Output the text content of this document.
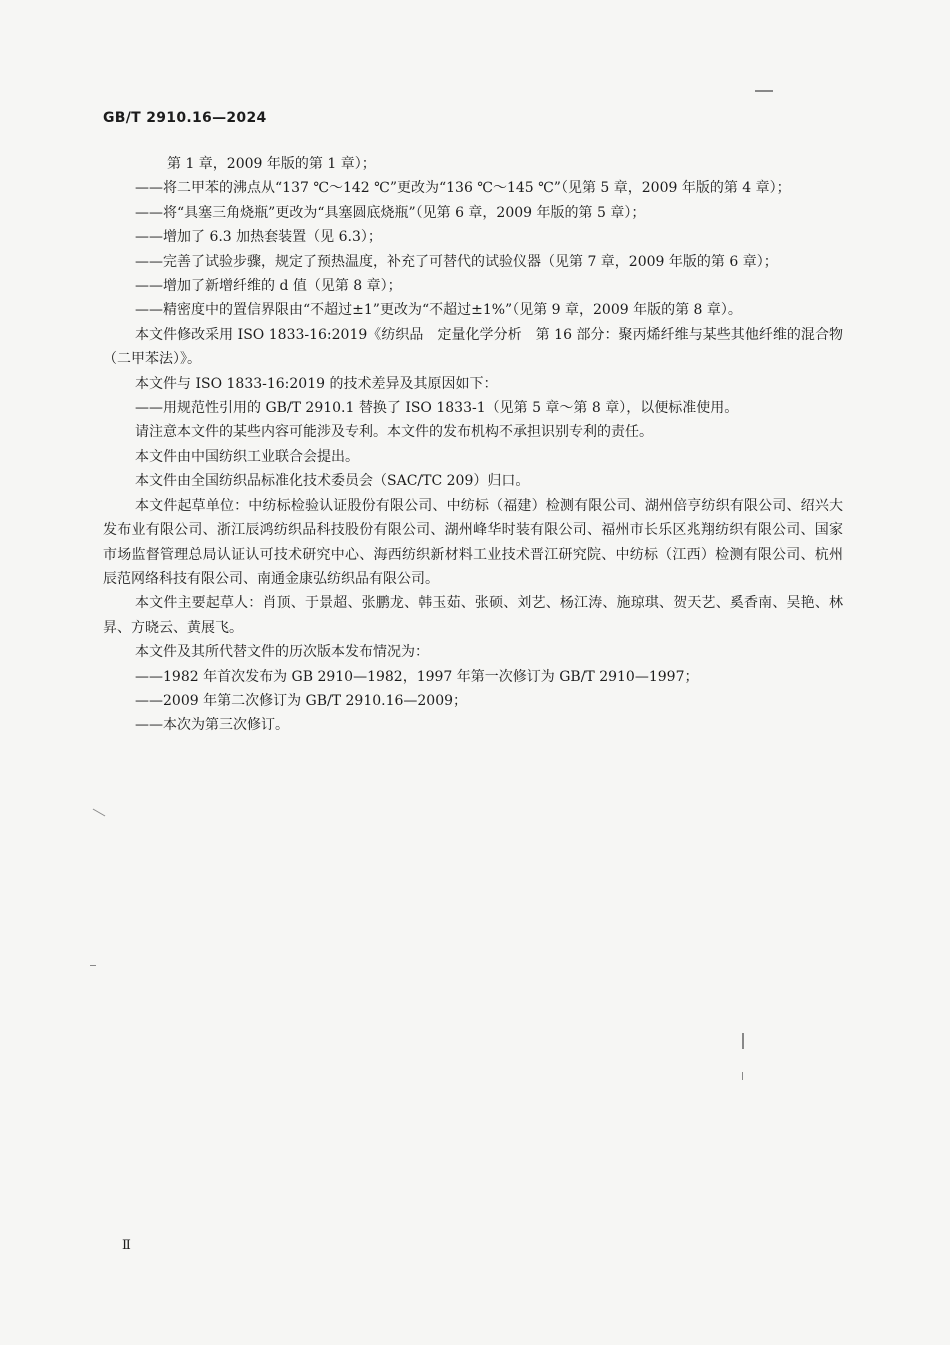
GB/T 2910.16—2024

第 1 章，2009 年版的第 1 章）；

——将二甲苯的沸点从“137 ℃～142 ℃”更改为“136 ℃～145 ℃”（见第 5 章，2009 年版的第 4 章）；

——将“具塞三角烧瓶”更改为“具塞圆底烧瓶”（见第 6 章，2009 年版的第 5 章）；

——增加了 6.3 加热套装置（见 6.3）；

——完善了试验步骤，规定了预热温度，补充了可替代的试验仪器（见第 7 章，2009 年版的第 6 章）；

——增加了新增纤维的 d 值（见第 8 章）；

——精密度中的置信界限由“不超过±1”更改为“不超过±1%”（见第 9 章，2009 年版的第 8 章）。

本文件修改采用 ISO 1833-16:2019《纺织品　定量化学分析　第 16 部分：聚丙烯纤维与某些其他纤维的混合物（二甲苯法）》。

本文件与 ISO 1833-16:2019 的技术差异及其原因如下：

——用规范性引用的 GB/T 2910.1 替换了 ISO 1833-1（见第 5 章～第 8 章），以便标准使用。

请注意本文件的某些内容可能涉及专利。本文件的发布机构不承担识别专利的责任。

本文件由中国纺织工业联合会提出。

本文件由全国纺织品标准化技术委员会（SAC/TC 209）归口。

本文件起草单位：中纺标检验认证股份有限公司、中纺标（福建）检测有限公司、湖州倍亨纺织有限公司、绍兴大发布业有限公司、浙江辰鸿纺织品科技股份有限公司、湖州峰华时装有限公司、福州市长乐区兆翔纺织有限公司、国家市场监督管理总局认证认可技术研究中心、海西纺织新材料工业技术晋江研究院、中纺标（江西）检测有限公司、杭州辰范网络科技有限公司、南通金康弘纺织品有限公司。

本文件主要起草人：肖顶、于景超、张鹏龙、韩玉茹、张硕、刘艺、杨江涛、施琼琪、贺天艺、奚香南、吴艳、林昇、方晓云、黄展飞。

本文件及其所代替文件的历次版本发布情况为：

——1982 年首次发布为 GB 2910—1982，1997 年第一次修订为 GB/T 2910—1997；

——2009 年第二次修订为 GB/T 2910.16—2009；

——本次为第三次修订。

Ⅱ
